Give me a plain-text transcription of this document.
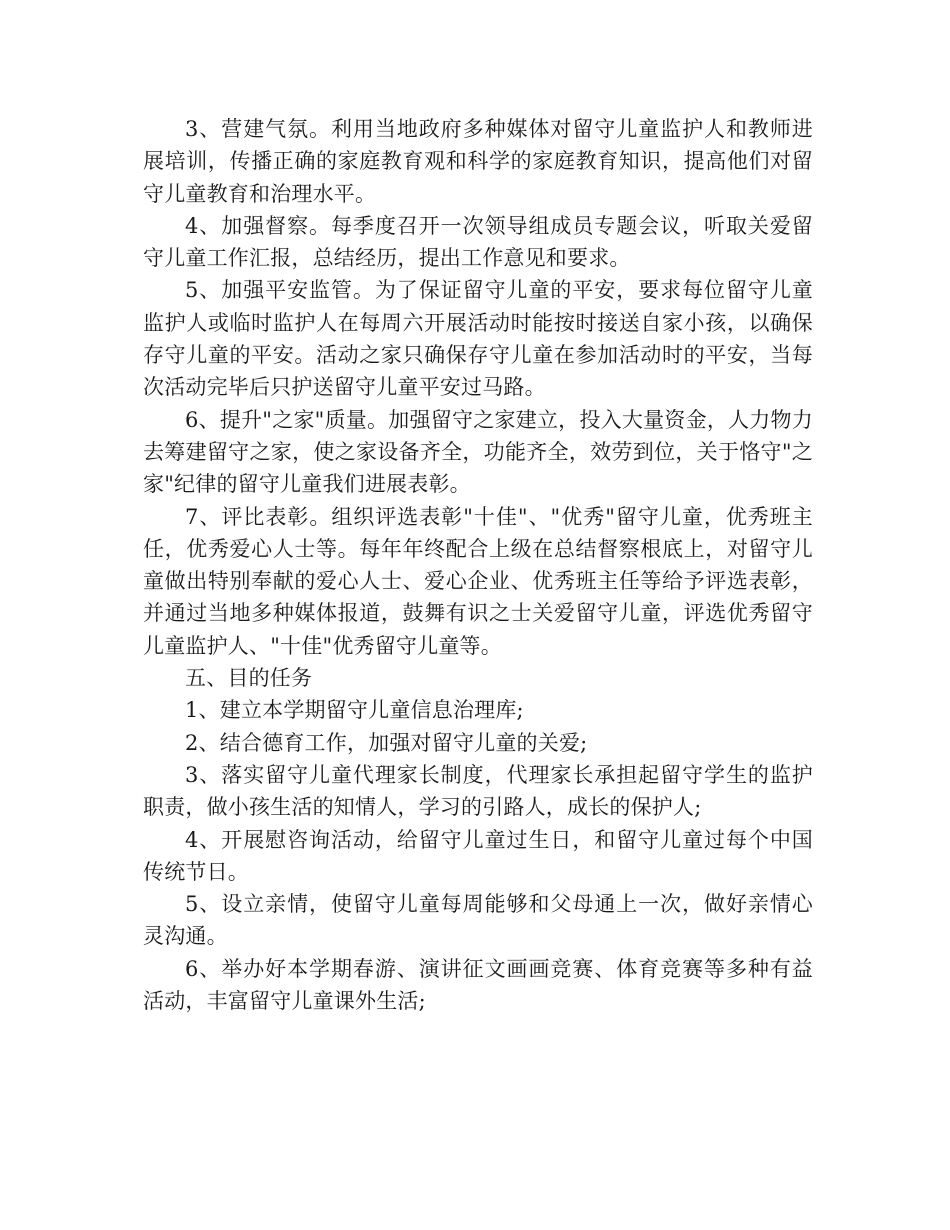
3、营建气氛。利用当地政府多种媒体对留守儿童监护人和教师进展培训，传播正确的家庭教育观和科学的家庭教育知识，提高他们对留守儿童教育和治理水平。

4、加强督察。每季度召开一次领导组成员专题会议，听取关爱留守儿童工作汇报，总结经历，提出工作意见和要求。

5、加强平安监管。为了保证留守儿童的平安，要求每位留守儿童监护人或临时监护人在每周六开展活动时能按时接送自家小孩，以确保存守儿童的平安。活动之家只确保存守儿童在参加活动时的平安，当每次活动完毕后只护送留守儿童平安过马路。

6、提升"之家"质量。加强留守之家建立，投入大量资金，人力物力去筹建留守之家，使之家设备齐全，功能齐全，效劳到位，关于恪守"之家"纪律的留守儿童我们进展表彰。

7、评比表彰。组织评选表彰"十佳"、"优秀"留守儿童，优秀班主任，优秀爱心人士等。每年年终配合上级在总结督察根底上，对留守儿童做出特别奉献的爱心人士、爱心企业、优秀班主任等给予评选表彰，并通过当地多种媒体报道，鼓舞有识之士关爱留守儿童，评选优秀留守儿童监护人、"十佳"优秀留守儿童等。

五、目的任务

1、建立本学期留守儿童信息治理库;

2、结合德育工作，加强对留守儿童的关爱;

3、落实留守儿童代理家长制度，代理家长承担起留守学生的监护职责，做小孩生活的知情人，学习的引路人，成长的保护人;

4、开展慰咨询活动，给留守儿童过生日，和留守儿童过每个中国传统节日。

5、设立亲情，使留守儿童每周能够和父母通上一次，做好亲情心灵沟通。

6、举办好本学期春游、演讲征文画画竞赛、体育竞赛等多种有益活动，丰富留守儿童课外生活;
